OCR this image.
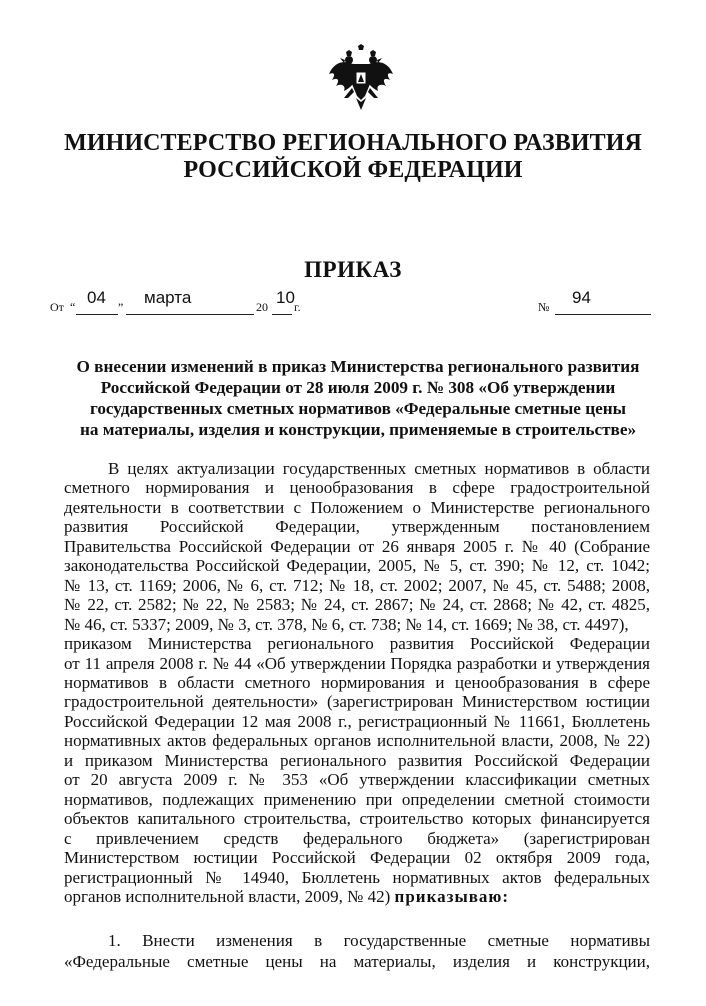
МИНИСТЕРСТВО РЕГИОНАЛЬНОГО РАЗВИТИЯ
РОССИЙСКОЙ ФЕДЕРАЦИИ
ПРИКАЗ
От “ 04 ” марта	20 10 г.	№ 94
О внесении изменений в приказ Министерства регионального развития
Российской Федерации от 28 июля 2009 г. № 308 «Об утверждении
государственных сметных нормативов «Федеральные сметные цены
на материалы, изделия и конструкции, применяемые в строительстве»
В целях актуализации государственных сметных нормативов в области
сметного нормирования и ценообразования в сфере градостроительной
деятельности в соответствии с Положением о Министерстве регионального
развития Российской Федерации, утвержденным постановлением
Правительства Российской Федерации от 26 января 2005 г. № 40 (Собрание
законодательства Российской Федерации, 2005, № 5, ст. 390; № 12, ст. 1042;
№ 13, ст. 1169; 2006, № 6, ст. 712; № 18, ст. 2002; 2007, № 45, ст. 5488; 2008,
№ 22, ст. 2582; № 22, № 2583; № 24, ст. 2867; № 24, ст. 2868; № 42, ст. 4825,
№ 46, ст. 5337; 2009, № 3, ст. 378, № 6, ст. 738; № 14, ст. 1669; № 38, ст. 4497),
приказом Министерства регионального развития Российской Федерации
от 11 апреля 2008 г. № 44 «Об утверждении Порядка разработки и утверждения
нормативов в области сметного нормирования и ценообразования в сфере
градостроительной деятельности» (зарегистрирован Министерством юстиции
Российской Федерации 12 мая 2008 г., регистрационный № 11661, Бюллетень
нормативных актов федеральных органов исполнительной власти, 2008, № 22)
и приказом Министерства регионального развития Российской Федерации
от 20 августа 2009 г. № 353 «Об утверждении классификации сметных
нормативов, подлежащих применению при определении сметной стоимости
объектов капитального строительства, строительство которых финансируется
с привлечением средств федерального бюджета» (зарегистрирован
Министерством юстиции Российской Федерации 02 октября 2009 года,
регистрационный № 14940, Бюллетень нормативных актов федеральных
органов исполнительной власти, 2009, № 42) приказываю:
1. Внести изменения в государственные сметные нормативы
«Федеральные сметные цены на материалы, изделия и конструкции,
